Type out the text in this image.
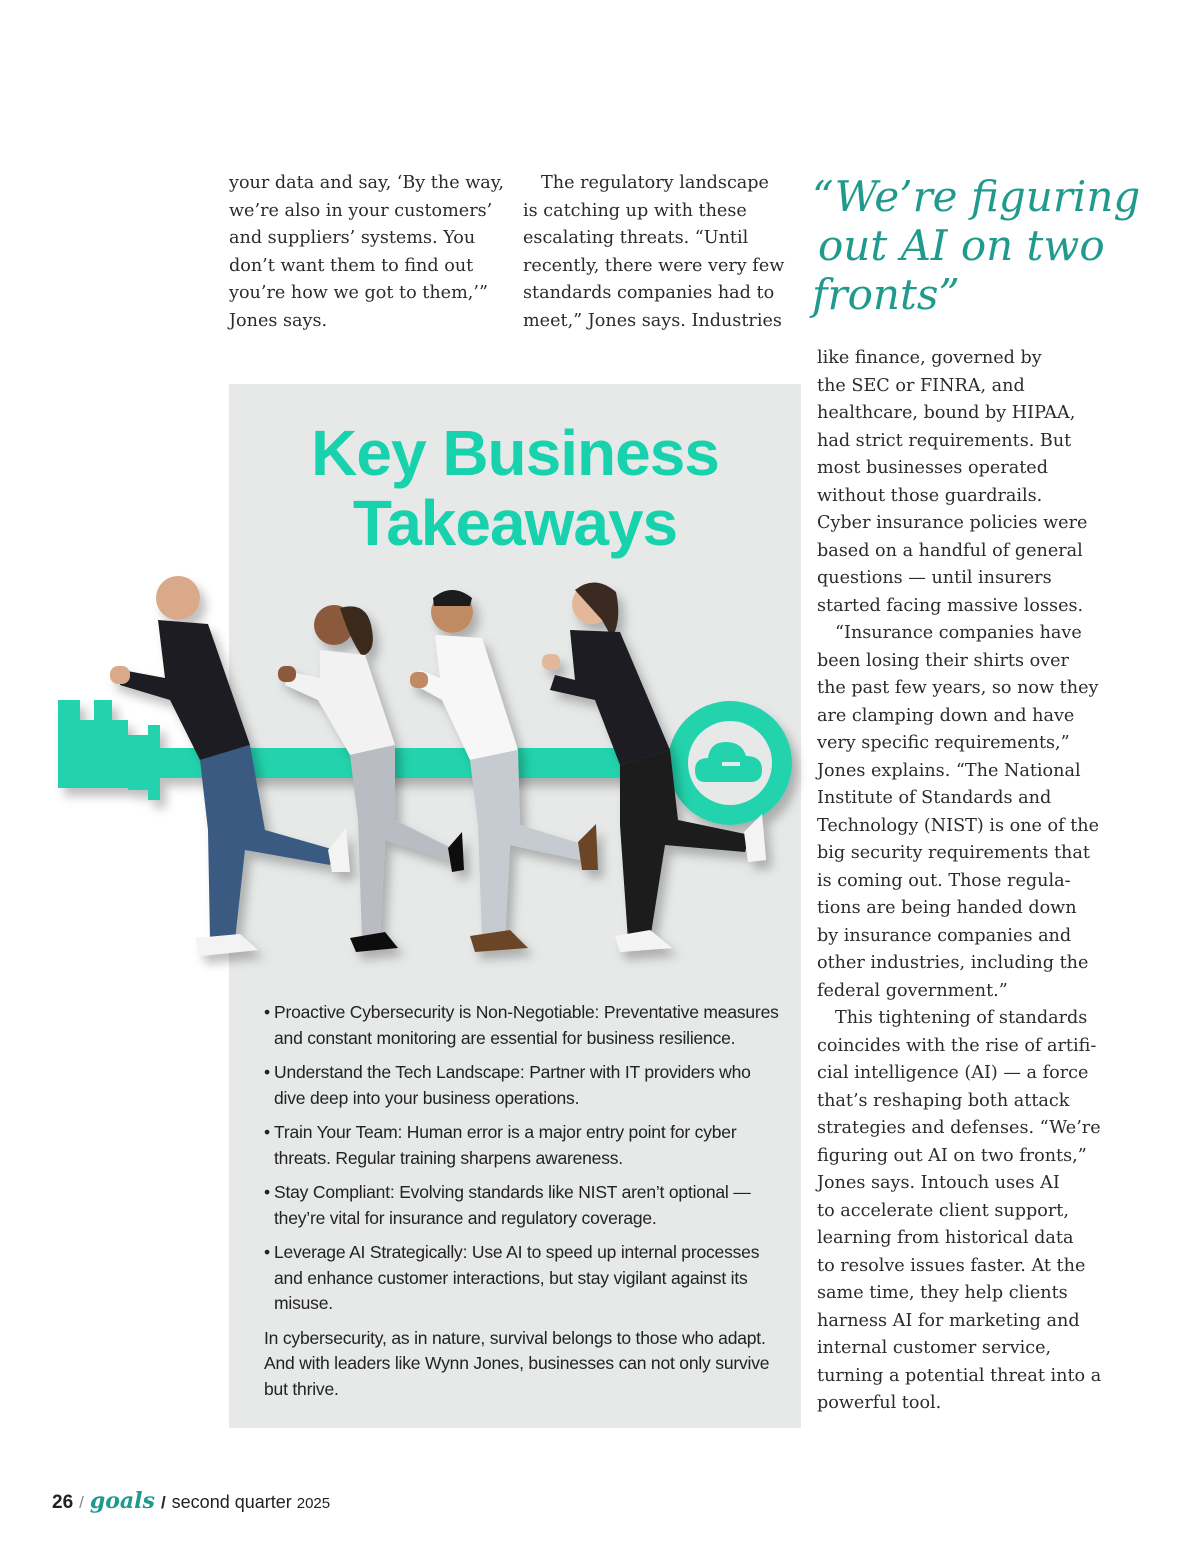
your data and say, ‘By the way,
we’re also in your customers’
and suppliers’ systems. You
don’t want them to find out
you’re how we got to them,’”
Jones says.
The regulatory landscape
is catching up with these
escalating threats. “Until
recently, there were very few
standards companies had to
meet,” Jones says. Industries
“We’re figuring
out AI on two
fronts”
like finance, governed by
the SEC or FINRA, and
healthcare, bound by HIPAA,
had strict requirements. But
most businesses operated
without those guardrails.
Cyber insurance policies were
based on a handful of general
questions — until insurers
started facing massive losses.
“Insurance companies have
been losing their shirts over
the past few years, so now they
are clamping down and have
very specific requirements,”
Jones explains. “The National
Institute of Standards and
Technology (NIST) is one of the
big security requirements that
is coming out. Those regula-
tions are being handed down
by insurance companies and
other industries, including the
federal government.”
This tightening of standards
coincides with the rise of artifi-
cial intelligence (AI) — a force
that’s reshaping both attack
strategies and defenses. “We’re
figuring out AI on two fronts,”
Jones says. Intouch uses AI
to accelerate client support,
learning from historical data
to resolve issues faster. At the
same time, they help clients
harness AI for marketing and
internal customer service,
turning a potential threat into a
powerful tool.
Key Business
Takeaways
• Proactive Cybersecurity is Non-Negotiable: Preventative measures
and constant monitoring are essential for business resilience.
• Understand the Tech Landscape: Partner with IT providers who
dive deep into your business operations.
• Train Your Team: Human error is a major entry point for cyber
threats. Regular training sharpens awareness.
• Stay Compliant: Evolving standards like NIST aren’t optional —
they’re vital for insurance and regulatory coverage.
• Leverage AI Strategically: Use AI to speed up internal processes
and enhance customer interactions, but stay vigilant against its
misuse.
In cybersecurity, as in nature, survival belongs to those who adapt.
And with leaders like Wynn Jones, businesses can not only survive
but thrive.
26 / goals / second quarter 2025
